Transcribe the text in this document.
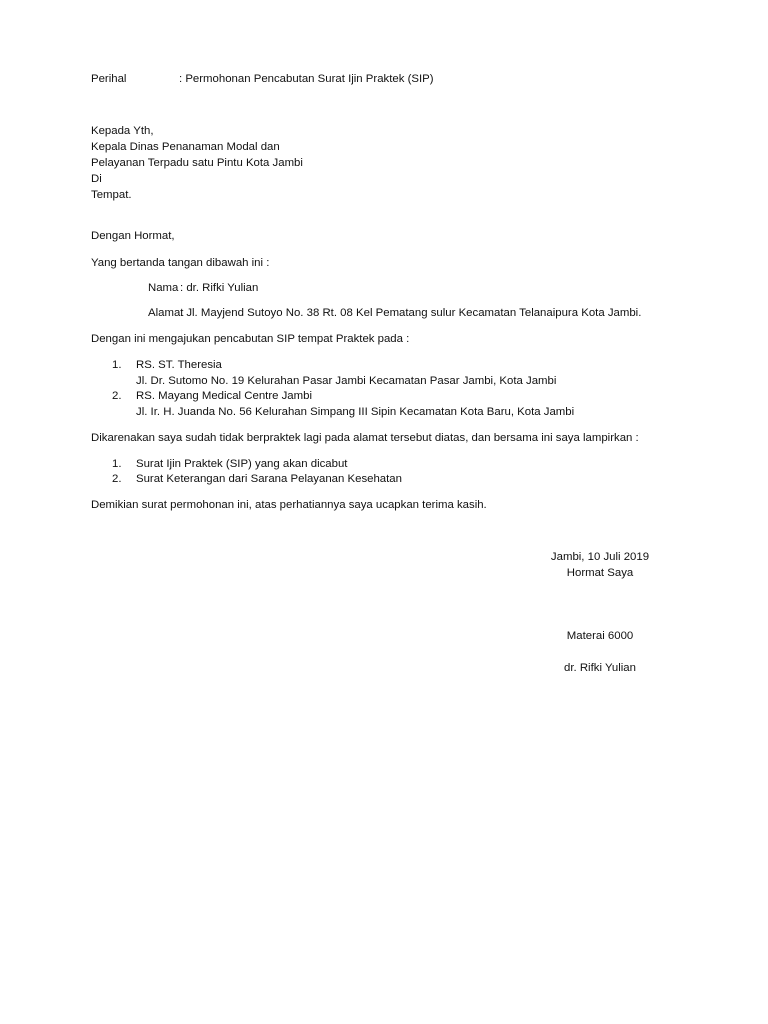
Perihal	: Permohonan Pencabutan Surat Ijin Praktek (SIP)
Kepada Yth,
Kepala Dinas Penanaman Modal dan
Pelayanan Terpadu satu Pintu Kota Jambi
Di
Tempat.
Dengan Hormat,
Yang bertanda tangan dibawah ini :
Nama : dr. Rifki Yulian
Alamat
: Jl. Mayjend Sutoyo No. 38 Rt. 08 Kel Pematang sulur Kecamatan Telanaipura Kota Jambi.
Dengan ini mengajukan pencabutan SIP tempat Praktek pada :
1. RS. ST. Theresia
Jl. Dr. Sutomo No. 19 Kelurahan Pasar Jambi Kecamatan Pasar Jambi, Kota Jambi
2. RS. Mayang Medical Centre Jambi
Jl. Ir. H. Juanda No. 56 Kelurahan Simpang III Sipin Kecamatan Kota Baru, Kota Jambi
Dikarenakan saya sudah tidak berpraktek lagi pada alamat tersebut diatas, dan bersama ini saya lampirkan :
1. Surat Ijin Praktek (SIP) yang akan dicabut
2. Surat Keterangan dari Sarana Pelayanan Kesehatan
Demikian surat permohonan ini, atas perhatiannya saya ucapkan terima kasih.
Jambi, 10 Juli 2019
Hormat Saya
Materai 6000
dr. Rifki Yulian
